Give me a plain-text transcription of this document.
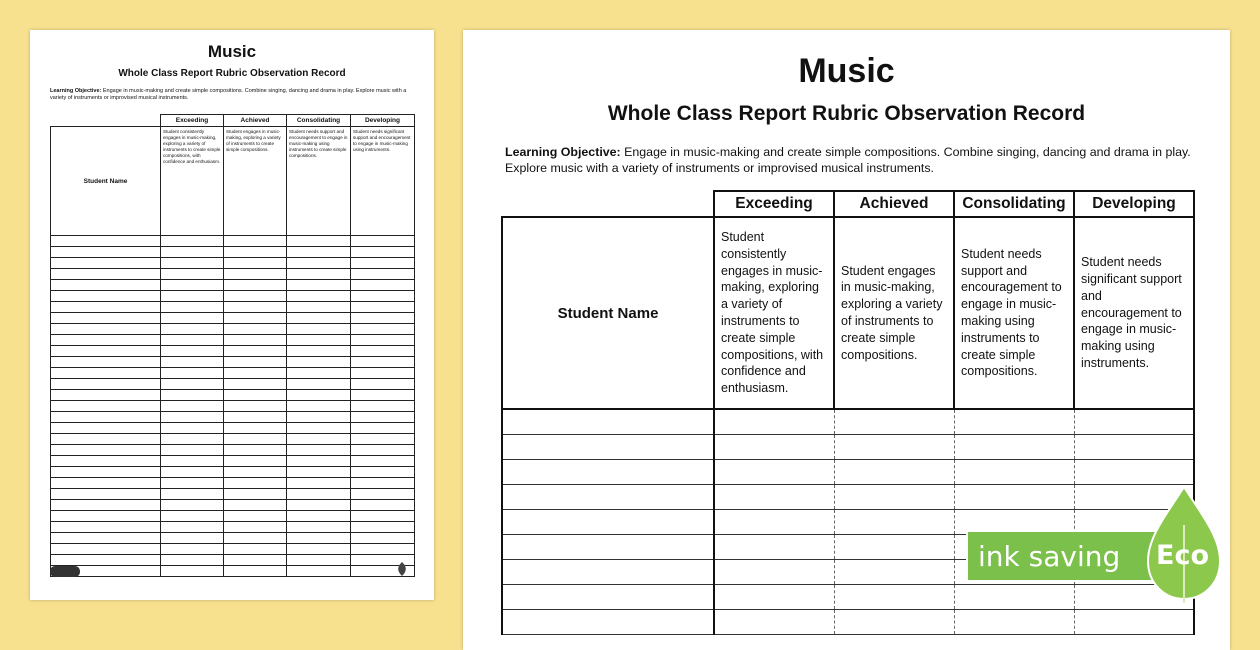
Music
Whole Class Report Rubric Observation Record
Learning Objective: Engage in music-making and create simple compositions. Combine singing, dancing and drama in play. Explore music with a variety of instruments or improvised musical instruments.
	Exceeding	Achieved	Consolidating	Developing
Student Name	Student consistently engages in music-making, exploring a variety of instruments to create simple compositions, with confidence and enthusiasm.	Student engages in music-making, exploring a variety of instruments to create simple compositions.	Student needs support and encouragement to engage in music-making using instruments to create simple compositions.	Student needs significant support and encouragement to engage in music-making using instruments.

Music
Whole Class Report Rubric Observation Record
Learning Objective: Engage in music-making and create simple compositions. Combine singing, dancing and drama in play. Explore music with a variety of instruments or improvised musical instruments.
	Exceeding	Achieved	Consolidating	Developing
Student Name	Student consistently engages in music-making, exploring a variety of instruments to create simple compositions, with confidence and enthusiasm.	Student engages in music-making, exploring a variety of instruments to create simple compositions.	Student needs support and encouragement to engage in music-making using instruments to create simple compositions.	Student needs significant support and encouragement to engage in music-making using instruments.

ink saving Eco
